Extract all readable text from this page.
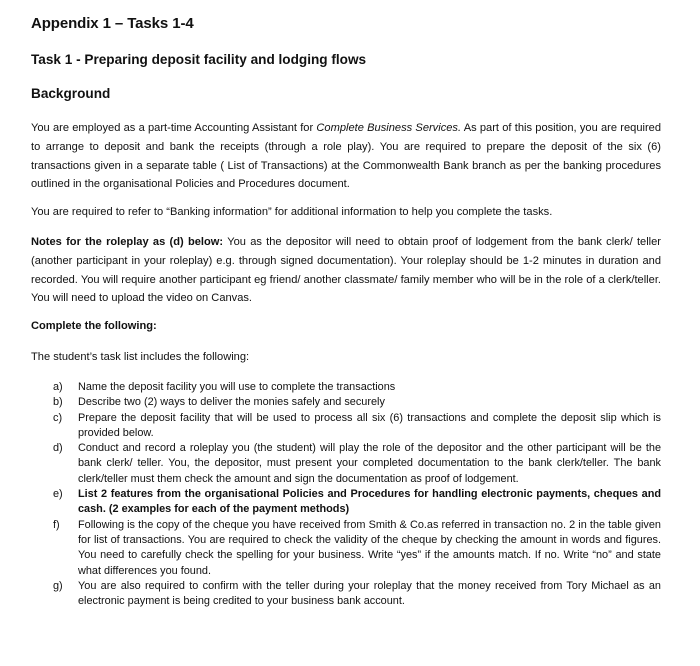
Appendix 1 – Tasks 1-4
Task 1 - Preparing deposit facility and lodging flows
Background
You are employed as a part-time Accounting Assistant for Complete Business Services. As part of this position, you are required to arrange to deposit and bank the receipts (through a role play). You are required to prepare the deposit of the six (6) transactions given in a separate table ( List of Transactions) at the Commonwealth Bank branch as per the banking procedures outlined in the organisational Policies and Procedures document.
You are required to refer to “Banking information” for additional information to help you complete the tasks.
Notes for the roleplay as (d) below: You as the depositor will need to obtain proof of lodgement from the bank clerk/ teller (another participant in your roleplay) e.g. through signed documentation). Your roleplay should be 1-2 minutes in duration and recorded. You will require another participant eg friend/ another classmate/ family member who will be in the role of a clerk/teller. You will need to upload the video on Canvas.
Complete the following:
The student’s task list includes the following:
a)	Name the deposit facility you will use to complete the transactions
b)	Describe two (2) ways to deliver the monies safely and securely
c)	Prepare the deposit facility that will be used to process all six (6) transactions and complete the deposit slip which is provided below.
d)	Conduct and record a roleplay you (the student) will play the role of the depositor and the other participant will be the bank clerk/ teller. You, the depositor, must present your completed documentation to the bank clerk/teller. The bank clerk/teller must them check the amount and sign the documentation as proof of lodgement.
e)	List 2 features from the organisational Policies and Procedures for handling electronic payments, cheques and cash. (2 examples for each of the payment methods)
f)	Following is the copy of the cheque you have received from Smith & Co.as referred in transaction no. 2 in the table given for list of transactions. You are required to check the validity of the cheque by checking the amount in words and figures. You need to carefully check the spelling for your business. Write “yes” if the amounts match. If no. Write “no” and state what differences you found.
g)	You are also required to confirm with the teller during your roleplay that the money received from Tory Michael as an electronic payment is being credited to your business bank account.
